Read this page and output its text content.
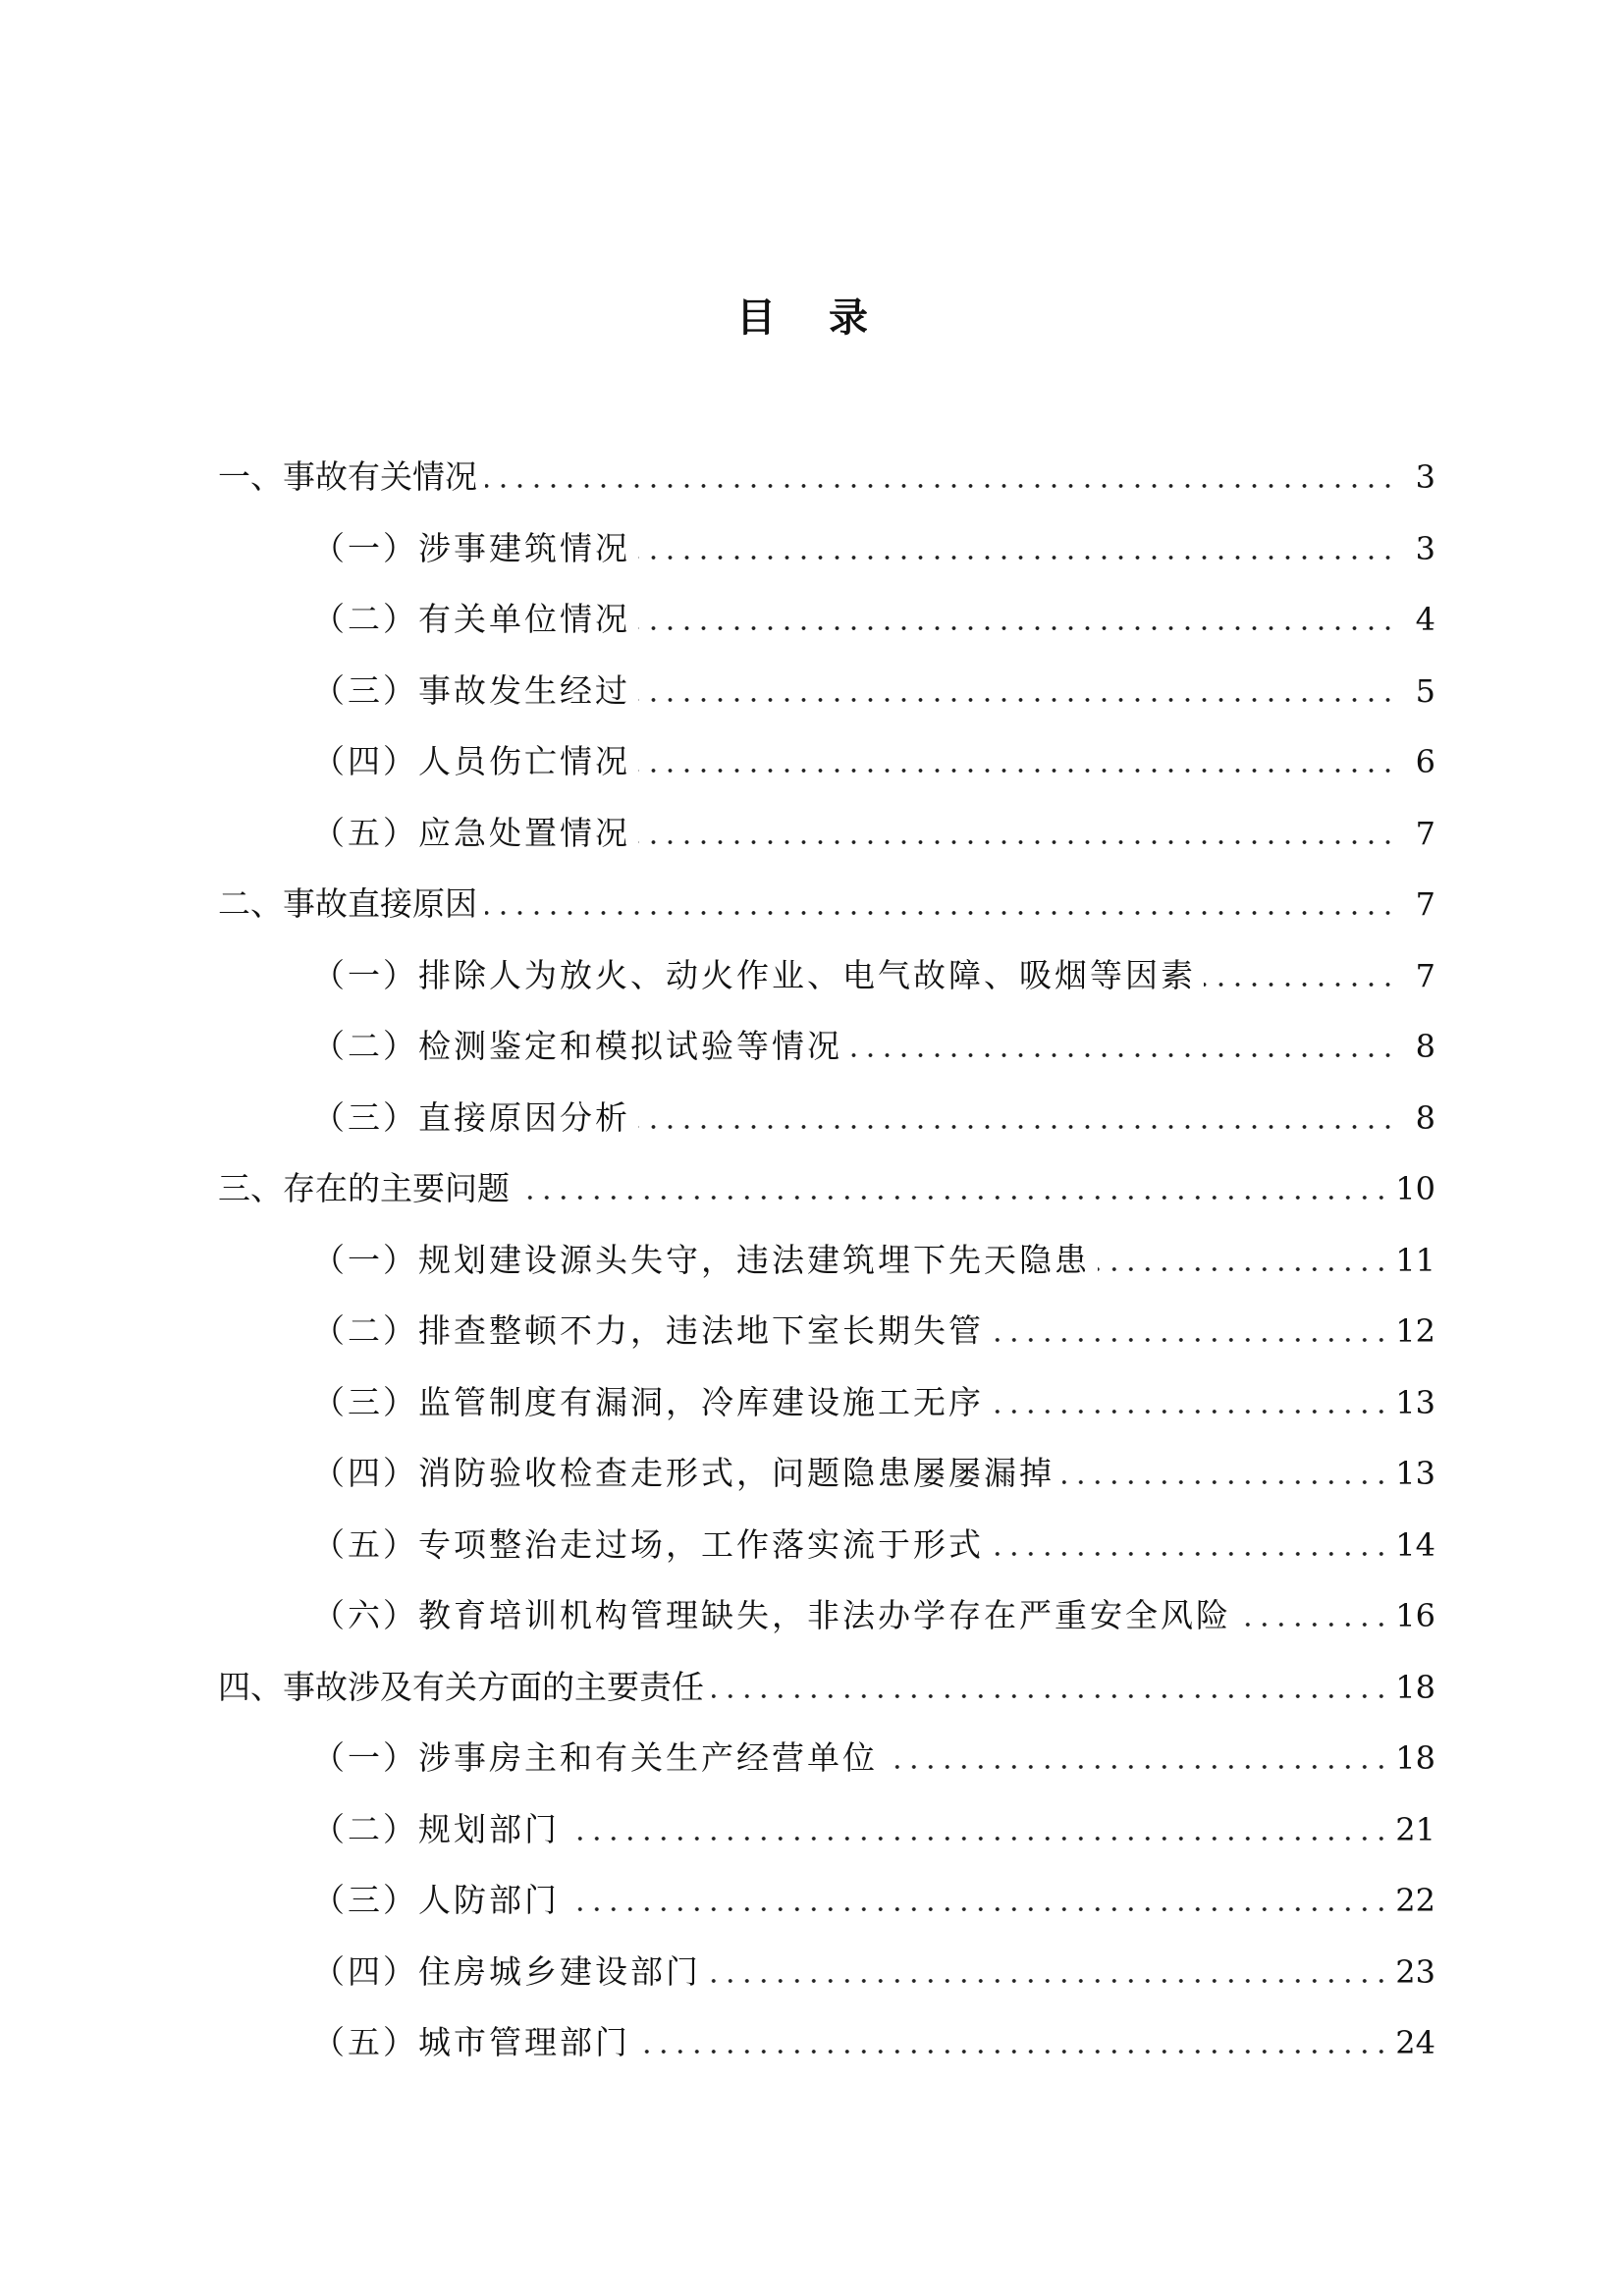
目 录
一、事故有关情况	3
（一）涉事建筑情况	3
（二）有关单位情况	4
（三）事故发生经过	5
（四）人员伤亡情况	6
（五）应急处置情况	7
二、事故直接原因	7
（一）排除人为放火、动火作业、电气故障、吸烟等因素	7
（二）检测鉴定和模拟试验等情况	8
（三）直接原因分析	8
三、存在的主要问题	10
（一）规划建设源头失守，违法建筑埋下先天隐患	11
（二）排查整顿不力，违法地下室长期失管	12
（三）监管制度有漏洞，冷库建设施工无序	13
（四）消防验收检查走形式，问题隐患屡屡漏掉	13
（五）专项整治走过场，工作落实流于形式	14
（六）教育培训机构管理缺失，非法办学存在严重安全风险	16
四、事故涉及有关方面的主要责任	18
（一）涉事房主和有关生产经营单位	18
（二）规划部门	21
（三）人防部门	22
（四）住房城乡建设部门	23
（五）城市管理部门	24
